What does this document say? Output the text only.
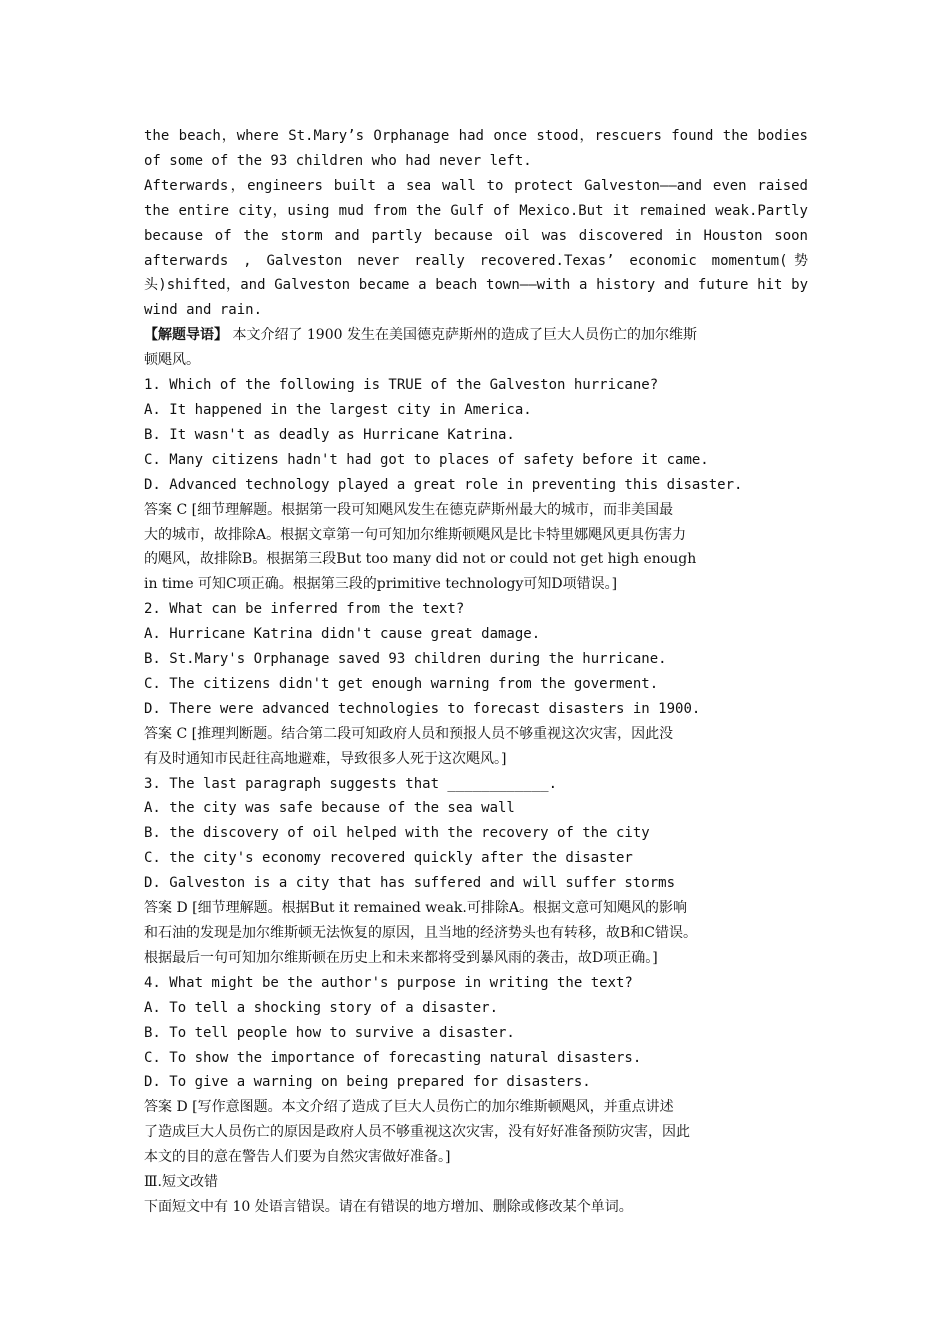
the beach，where St.Mary’s Orphanage had once stood，rescuers found the bodies
of some of the 93 children who had never left.
Afterwards，engineers built a sea wall to protect Galveston——and even raised
the entire city，using mud from the Gulf of Mexico.But it remained weak.Partly
because of the storm and partly because oil was discovered in Houston soon
afterwards , Galveston never really recovered.Texas’ economic momentum(势
头)shifted，and Galveston became a beach town——with a history and future hit by
wind and rain.
【解题导语】 本文介绍了 1900 发生在美国德克萨斯州的造成了巨大人员伤亡的加尔维斯
顿飓风。
1. Which of the following is TRUE of the Galveston hurricane?
A. It happened in the largest city in America.
B. It wasn't as deadly as Hurricane Katrina.
C. Many citizens hadn't had got to places of safety before it came.
D. Advanced technology played a great role in preventing this disaster.
答案 C [细节理解题。根据第一段可知飓风发生在德克萨斯州最大的城市，而非美国最
大的城市，故排除A。根据文章第一句可知加尔维斯顿飓风是比卡特里娜飓风更具伤害力
的飓风，故排除B。根据第三段But too many did not or could not get high enough
in time 可知C项正确。根据第三段的primitive technology可知D项错误。]
2. What can be inferred from the text?
A. Hurricane Katrina didn't cause great damage.
B. St.Mary's Orphanage saved 93 children during the hurricane.
C. The citizens didn't get enough warning from the goverment.
D. There were advanced technologies to forecast disasters in 1900.
答案 C [推理判断题。结合第二段可知政府人员和预报人员不够重视这次灾害，因此没
有及时通知市民赶往高地避难，导致很多人死于这次飓风。]
3. The last paragraph suggests that ____________.
A. the city was safe because of the sea wall
B. the discovery of oil helped with the recovery of the city
C. the city's economy recovered quickly after the disaster
D. Galveston is a city that has suffered and will suffer storms
答案 D [细节理解题。根据But it remained weak.可排除A。根据文意可知飓风的影响
和石油的发现是加尔维斯顿无法恢复的原因，且当地的经济势头也有转移，故B和C错误。
根据最后一句可知加尔维斯顿在历史上和未来都将受到暴风雨的袭击，故D项正确。]
4. What might be the author's purpose in writing the text?
A. To tell a shocking story of a disaster.
B. To tell people how to survive a disaster.
C. To show the importance of forecasting natural disasters.
D. To give a warning on being prepared for disasters.
答案 D [写作意图题。本文介绍了造成了巨大人员伤亡的加尔维斯顿飓风，并重点讲述
了造成巨大人员伤亡的原因是政府人员不够重视这次灾害，没有好好准备预防灾害，因此
本文的目的意在警告人们要为自然灾害做好准备。]
Ⅲ.短文改错
下面短文中有 10 处语言错误。请在有错误的地方增加、删除或修改某个单词。
